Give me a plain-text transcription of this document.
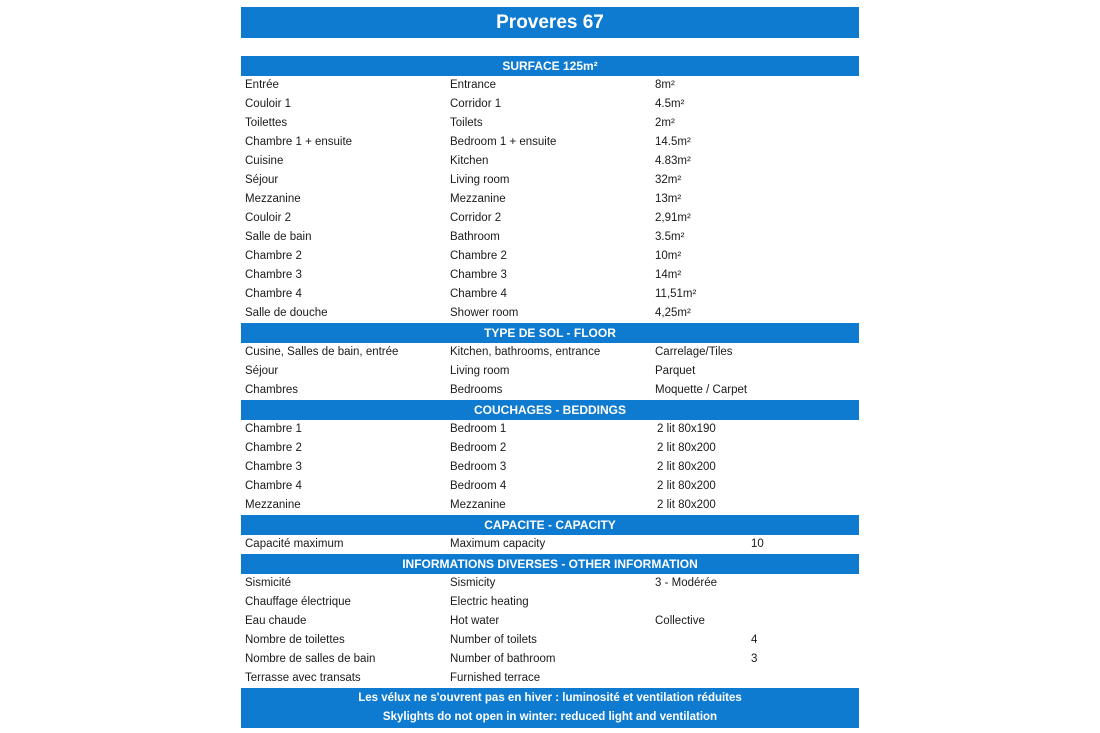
Proveres 67
SURFACE 125m²
Entrée	Entrance	8m²
Couloir 1	Corridor 1	4.5m²
Toilettes	Toilets	2m²
Chambre 1 + ensuite	Bedroom 1 + ensuite	14.5m²
Cuisine	Kitchen	4.83m²
Séjour	Living room	32m²
Mezzanine	Mezzanine	13m²
Couloir 2	Corridor 2	2,91m²
Salle de bain	Bathroom	3.5m²
Chambre 2	Chambre 2	10m²
Chambre 3	Chambre 3	14m²
Chambre 4	Chambre 4	11,51m²
Salle de douche	Shower room	4,25m²
TYPE DE SOL - FLOOR
Cusine, Salles de bain, entrée	Kitchen, bathrooms, entrance	Carrelage/Tiles
Séjour	Living room	Parquet
Chambres	Bedrooms	Moquette / Carpet
COUCHAGES - BEDDINGS
Chambre 1	Bedroom 1	2 lit 80x190
Chambre 2	Bedroom 2	2 lit 80x200
Chambre 3	Bedroom 3	2 lit 80x200
Chambre 4	Bedroom 4	2 lit 80x200
Mezzanine	Mezzanine	2 lit 80x200
CAPACITE - CAPACITY
Capacité maximum	Maximum capacity	10
INFORMATIONS DIVERSES - OTHER INFORMATION
Sismicité	Sismicity	3 - Modérée
Chauffage électrique	Electric heating
Eau chaude	Hot water	Collective
Nombre de toilettes	Number of toilets	4
Nombre de salles de bain	Number of bathroom	3
Terrasse avec transats	Furnished terrace
Les vélux ne s'ouvrent pas en hiver : luminosité et ventilation réduites
Skylights do not open in winter: reduced light and ventilation
